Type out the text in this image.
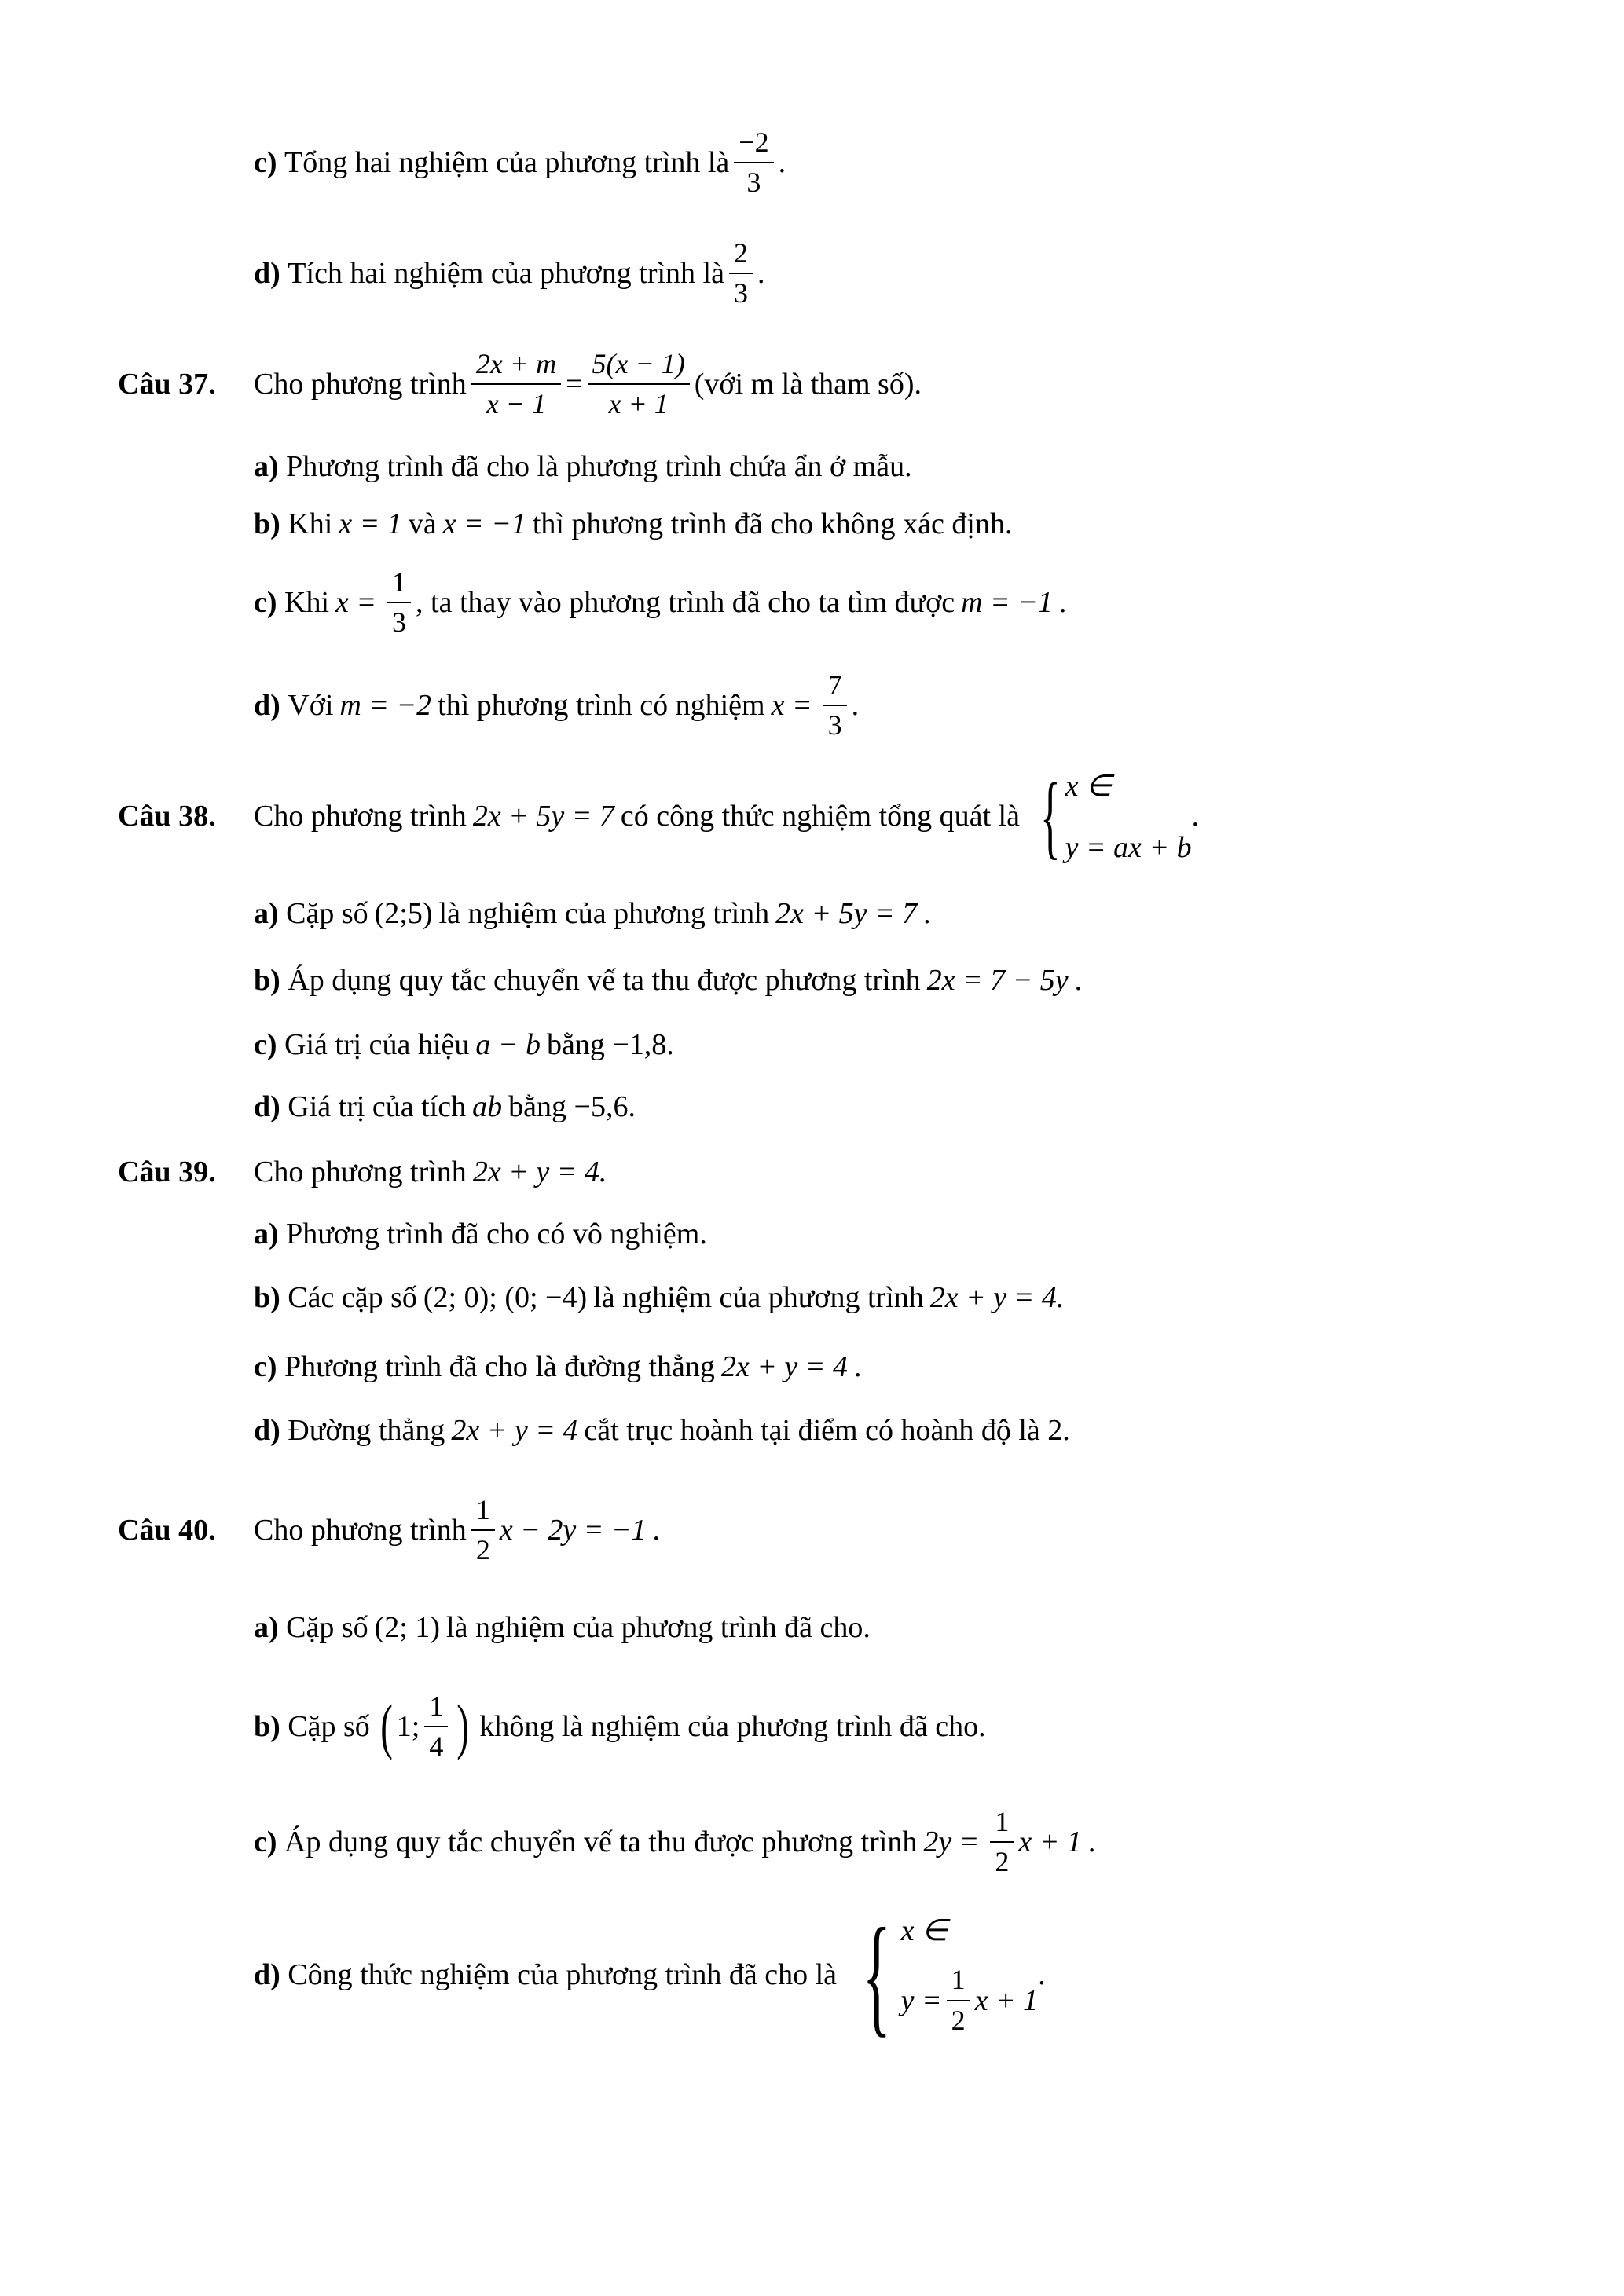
c)
Tổng hai nghiệm của phương trình là $\frac{-2}{3}$ .
d)
Tích hai nghiệm của phương trình là $\frac{2}{3}$ .
Câu 37.	Cho phương trình $\frac{2x + m}{x - 1} = \frac{5(x - 1)}{x + 1}$ (với m là tham số).
a)
Phương trình đã cho là phương trình chứa ẩn ở mẫu.
b)
Khi x = 1 và x = −1 thì phương trình đã cho không xác định.
c)
Khi $x = \frac{1}{3}$ , ta thay vào phương trình đã cho ta tìm được m = −1 .
d)
Với m = −2 thì phương trình có nghiệm $x = \frac{7}{3}$ .
Câu 38.	Cho phương trình 2x + 5y = 7 có công thức nghiệm tổng quát là { x ∈
y = ax + b
.
a)
Cặp số (2;5) là nghiệm của phương trình 2x + 5y = 7 .
b)
Áp dụng quy tắc chuyển vế ta thu được phương trình 2x = 7 − 5y .
c)
Giá trị của hiệu a − b bằng −1,8 .
d)
Giá trị của tích ab bằng −5,6 .
Câu 39.	Cho phương trình 2x + y = 4.
a)
Phương trình đã cho có vô nghiệm.
b)
Các cặp số (2; 0); (0; −4) là nghiệm của phương trình 2x + y = 4.
c)
Phương trình đã cho là đường thẳng 2x + y = 4 .
d)
Đường thẳng 2x + y = 4 cắt trục hoành tại điểm có hoành độ là 2.
Câu 40.	Cho phương trình $\frac{1}{2}$ x − 2y = −1 .
a)
Cặp số (2; 1) là nghiệm của phương trình đã cho.
b)
Cặp số ( 1; $\frac{1}{4}$ ) không là nghiệm của phương trình đã cho.
c)
Áp dụng quy tắc chuyển vế ta thu được phương trình $2y = \frac{1}{2}$ x + 1 .
d)
Công thức nghiệm của phương trình đã cho là { x ∈
$y = \frac{1}{2}$ x + 1
.
